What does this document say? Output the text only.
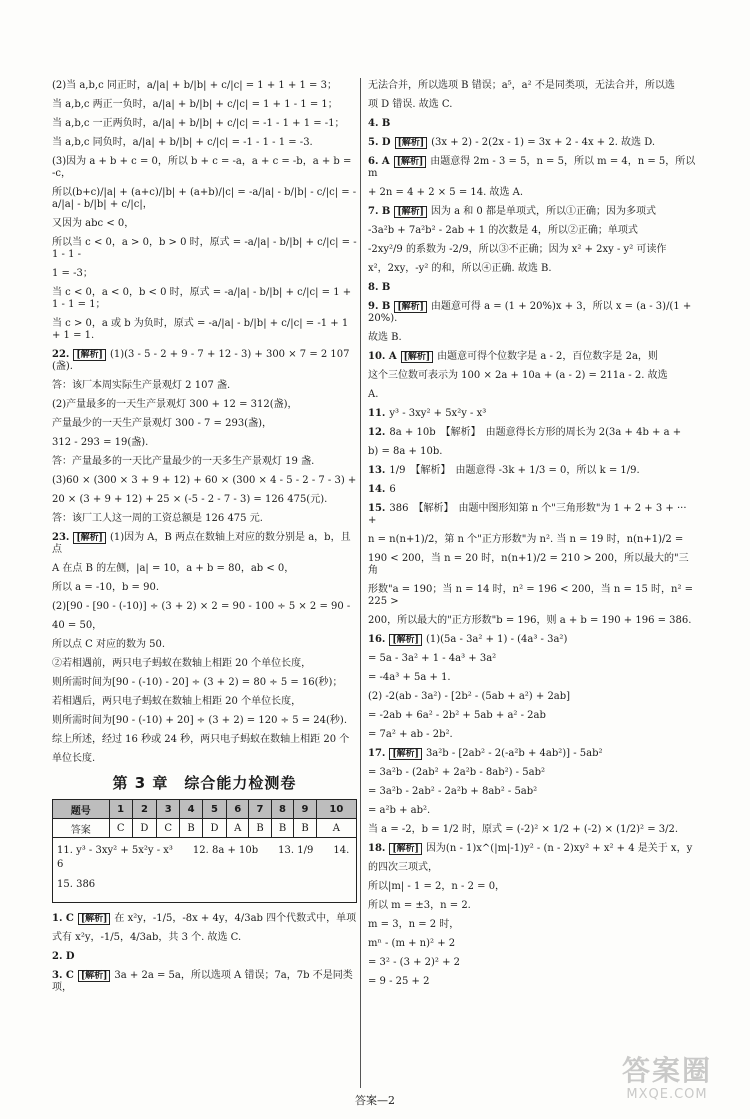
(2)当 a,b,c 同正时，a/|a| + b/|b| + c/|c| = 1 + 1 + 1 = 3；
当 a,b,c 两正一负时，a/|a| + b/|b| + c/|c| = 1 + 1 - 1 = 1；
当 a,b,c 一正两负时，a/|a| + b/|b| + c/|c| = -1 - 1 + 1 = -1；
当 a,b,c 同负时，a/|a| + b/|b| + c/|c| = -1 - 1 - 1 = -3.
(3)因为 a + b + c = 0，所以 b + c = -a，a + c = -b，a + b = -c，
所以(b+c)/|a| + (a+c)/|b| + (a+b)/|c| = -a/|a| - b/|b| - c/|c| = -a/|a| - b/|b| + c/|c|，
又因为 abc < 0，
所以当 c < 0，a > 0，b > 0 时，原式 = -a/|a| - b/|b| + c/|c| = -1 - 1 -
1 = -3；
当 c < 0，a < 0，b < 0 时，原式 = -a/|a| - b/|b| + c/|c| = 1 + 1 - 1 = 1；
当 c > 0，a 或 b 为负时，原式 = -a/|a| - b/|b| + c/|c| = -1 + 1 + 1 = 1.
22. [解析] (1)(3 - 5 - 2 + 9 - 7 + 12 - 3) + 300 × 7 = 2 107(盏).
答：该厂本周实际生产景观灯 2 107 盏.
(2)产量最多的一天生产景观灯 300 + 12 = 312(盏)，
产量最少的一天生产景观灯 300 - 7 = 293(盏)，
312 - 293 = 19(盏).
答：产量最多的一天比产量最少的一天多生产景观灯 19 盏.
(3)60 × (300 × 3 + 9 + 12) + 60 × (300 × 4 - 5 - 2 - 7 - 3) +
20 × (3 + 9 + 12) + 25 × (-5 - 2 - 7 - 3) = 126 475(元).
答：该厂工人这一周的工资总额是 126 475 元.
23. [解析] (1)因为 A，B 两点在数轴上对应的数分别是 a，b，且点
A 在点 B 的左侧，|a| = 10，a + b = 80，ab < 0，
所以 a = -10，b = 90.
(2)[90 - [90 - (-10)] ÷ (3 + 2) × 2 = 90 - 100 ÷ 5 × 2 = 90 -
40 = 50，
所以点 C 对应的数为 50.
②若相遇前，两只电子蚂蚁在数轴上相距 20 个单位长度，
则所需时间为[90 - (-10) - 20] ÷ (3 + 2) = 80 ÷ 5 = 16(秒)；
若相遇后，两只电子蚂蚁在数轴上相距 20 个单位长度，
则所需时间为[90 - (-10) + 20] ÷ (3 + 2) = 120 ÷ 5 = 24(秒).
综上所述，经过 16 秒或 24 秒，两只电子蚂蚁在数轴上相距 20 个
单位长度.
第 3 章　综合能力检测卷
题号	1	2	3	4	5	6	7	8	9	10
答案	C	D	C	B	D	A	B	B	B	A
11. y³ - 3xy² + 5x²y - x³　　12. 8a + 10b　　13. 1/9　　14. 6
15. 386
1. C [解析] 在 x²y，-1/5，-8x + 4y，4/3ab 四个代数式中，单项
式有 x²y，-1/5，4/3ab，共 3 个. 故选 C.
2. D
3. C [解析] 3a + 2a = 5a，所以选项 A 错误；7a，7b 不是同类项，
无法合并，所以选项 B 错误；a⁵，a² 不是同类项，无法合并，所以选
项 D 错误. 故选 C.
4. B
5. D [解析] (3x + 2) - 2(2x - 1) = 3x + 2 - 4x + 2. 故选 D.
6. A [解析] 由题意得 2m - 3 = 5，n = 5，所以 m = 4，n = 5，所以 m
+ 2n = 4 + 2 × 5 = 14. 故选 A.
7. B [解析] 因为 a 和 0 都是单项式，所以①正确；因为多项式
-3a²b + 7a²b² - 2ab + 1 的次数是 4，所以②正确；单项式
-2xy²/9 的系数为 -2/9，所以③不正确；因为 x² + 2xy - y² 可读作
x²，2xy，-y² 的和，所以④正确. 故选 B.
8. B
9. B [解析] 由题意可得 a = (1 + 20%)x + 3，所以 x = (a - 3)/(1 + 20%).
故选 B.
10. A [解析] 由题意可得个位数字是 a - 2，百位数字是 2a，则
这个三位数可表示为 100 × 2a + 10a + (a - 2) = 211a - 2. 故选
A.
11. y³ - 3xy² + 5x²y - x³
12. 8a + 10b　【解析】　由题意得长方形的周长为 2(3a + 4b + a +
b) = 8a + 10b.
13. 1/9　【解析】　由题意得 -3k + 1/3 = 0，所以 k = 1/9.
14. 6
15. 386　【解析】　由题中图形知第 n 个"三角形数"为 1 + 2 + 3 + ··· +
n = n(n+1)/2，第 n 个"正方形数"为 n². 当 n = 19 时，n(n+1)/2 =
190 < 200，当 n = 20 时，n(n+1)/2 = 210 > 200，所以最大的"三角
形数"a = 190；当 n = 14 时，n² = 196 < 200，当 n = 15 时，n² = 225 >
200，所以最大的"正方形数"b = 196，则 a + b = 190 + 196 = 386.
16. [解析] (1)(5a - 3a² + 1) - (4a³ - 3a²)
= 5a - 3a² + 1 - 4a³ + 3a²
= -4a³ + 5a + 1.
(2) -2(ab - 3a²) - [2b² - (5ab + a²) + 2ab]
= -2ab + 6a² - 2b² + 5ab + a² - 2ab
= 7a² + ab - 2b².
17. [解析] 3a²b - [2ab² - 2(-a²b + 4ab²)] - 5ab²
= 3a²b - (2ab² + 2a²b - 8ab²) - 5ab²
= 3a²b - 2ab² - 2a²b + 8ab² - 5ab²
= a²b + ab².
当 a = -2，b = 1/2 时，原式 = (-2)² × 1/2 + (-2) × (1/2)² = 3/2.
18. [解析] 因为(n - 1)x^(|m|-1)y² - (n - 2)xy² + x² + 4 是关于 x，y
的四次三项式，
所以|m| - 1 = 2，n - 2 = 0，
所以 m = ±3，n = 2.
m = 3，n = 2 时，
mⁿ - (m + n)² + 2
= 3² - (3 + 2)² + 2
= 9 - 25 + 2
答案—2
答案圈
MXQE.COM
